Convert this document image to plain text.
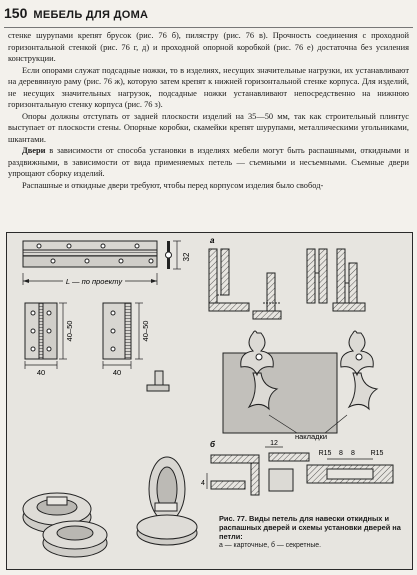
150 МЕБЕЛЬ ДЛЯ ДОМА

стенке шурупами крепят брусок (рис. 76 б), пилястру (рис. 76 в). Прочность соединения с проходной горизонтальной стенкой (рис. 76 г, д) и проходной опорной коробкой (рис. 76 е) достаточна без усиления конструкции.

Если опорами служат подсадные ножки, то в изделиях, несущих значительные нагрузки, их устанавливают на деревянную раму (рис. 76 ж), которую затем крепят к нижней горизонтальной стенке корпуса. Для изделий, не несущих значительных нагрузок, подсадные ножки устанавливают непосредственно на нижнюю горизонтальную стенку корпуса (рис. 76 з).

Опоры должны отступать от задней плоскости изделий на 35—50 мм, так как строительный плинтус выступает от плоскости стены. Опорные коробки, скамейки крепят шурупами, металлическими угольниками, шкантами.

Двери в зависимости от способа установки в изделиях мебели могут быть распашными, откидными и раздвижными, в зависимости от вида применяемых петель — съемными и несъемными. Съемные двери упрощают сборку изделий.

Распашные и откидные двери требуют, чтобы перед корпусом изделия было свобод-

32
L — по проекту
40–50
40
40–50
40
а
накладки
б
4
12
R15 8 8 R15
Рис. 77. Виды петель для навески откидных и распашных дверей и схемы установки дверей на петли:
а — карточные, б — секретные.
